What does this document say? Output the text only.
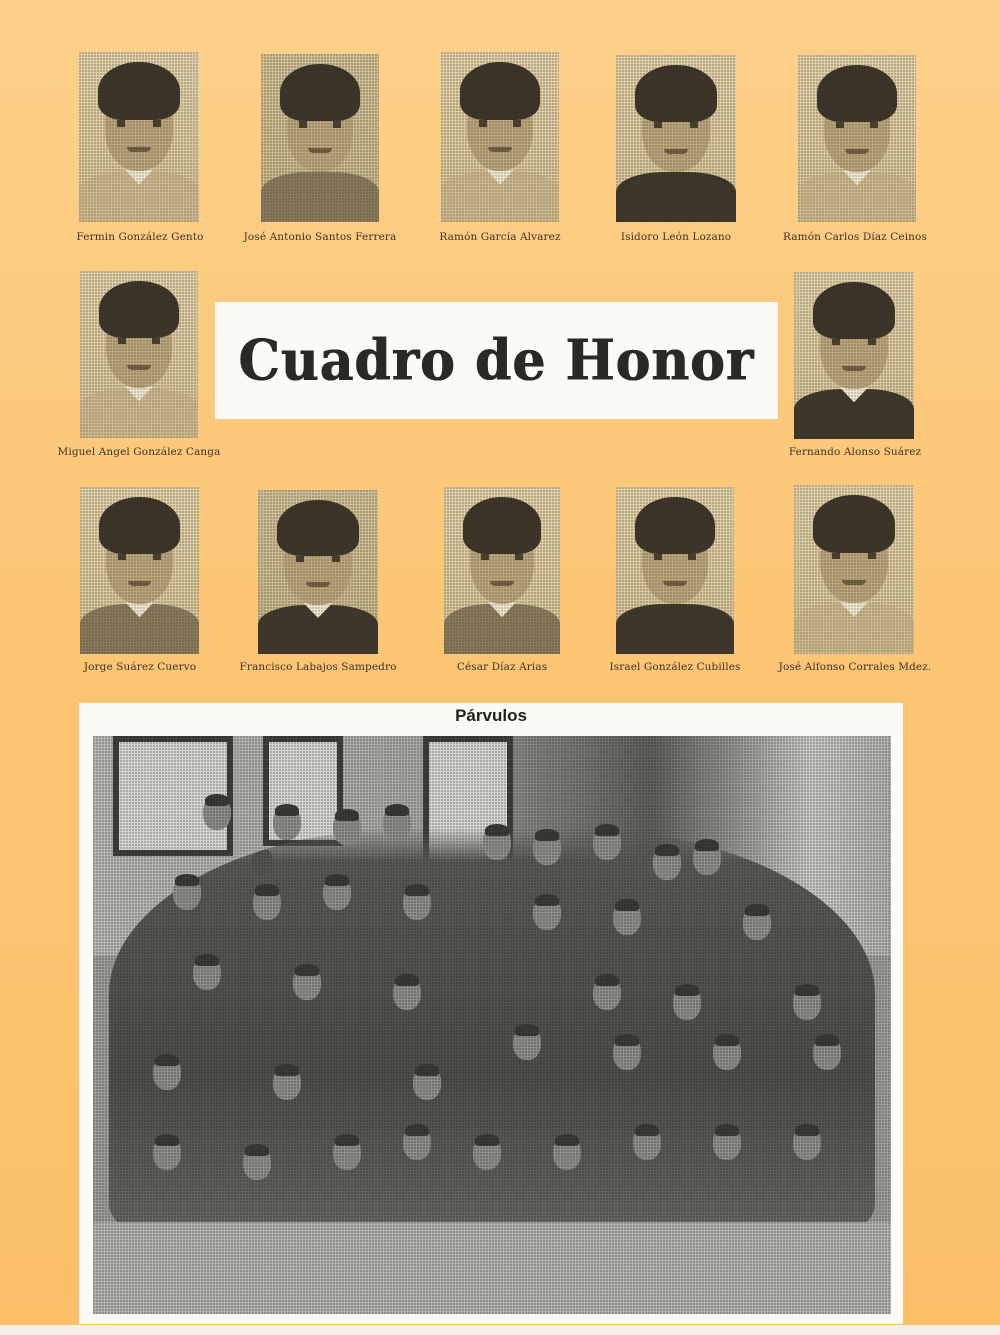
Fermin González Gento	José Antonio Santos Ferrera	Ramón García Alvarez	Isidoro León Lozano	Ramón Carlos Díaz Ceinos
Miguel Angel González Canga
Cuadro de Honor
Fernando Alonso Suárez
Jorge Suárez Cuervo	Francisco Labajos Sampedro	César Díaz Arias	Israel González Cubilles	José Alfonso Corrales Mdez.
Párvulos
